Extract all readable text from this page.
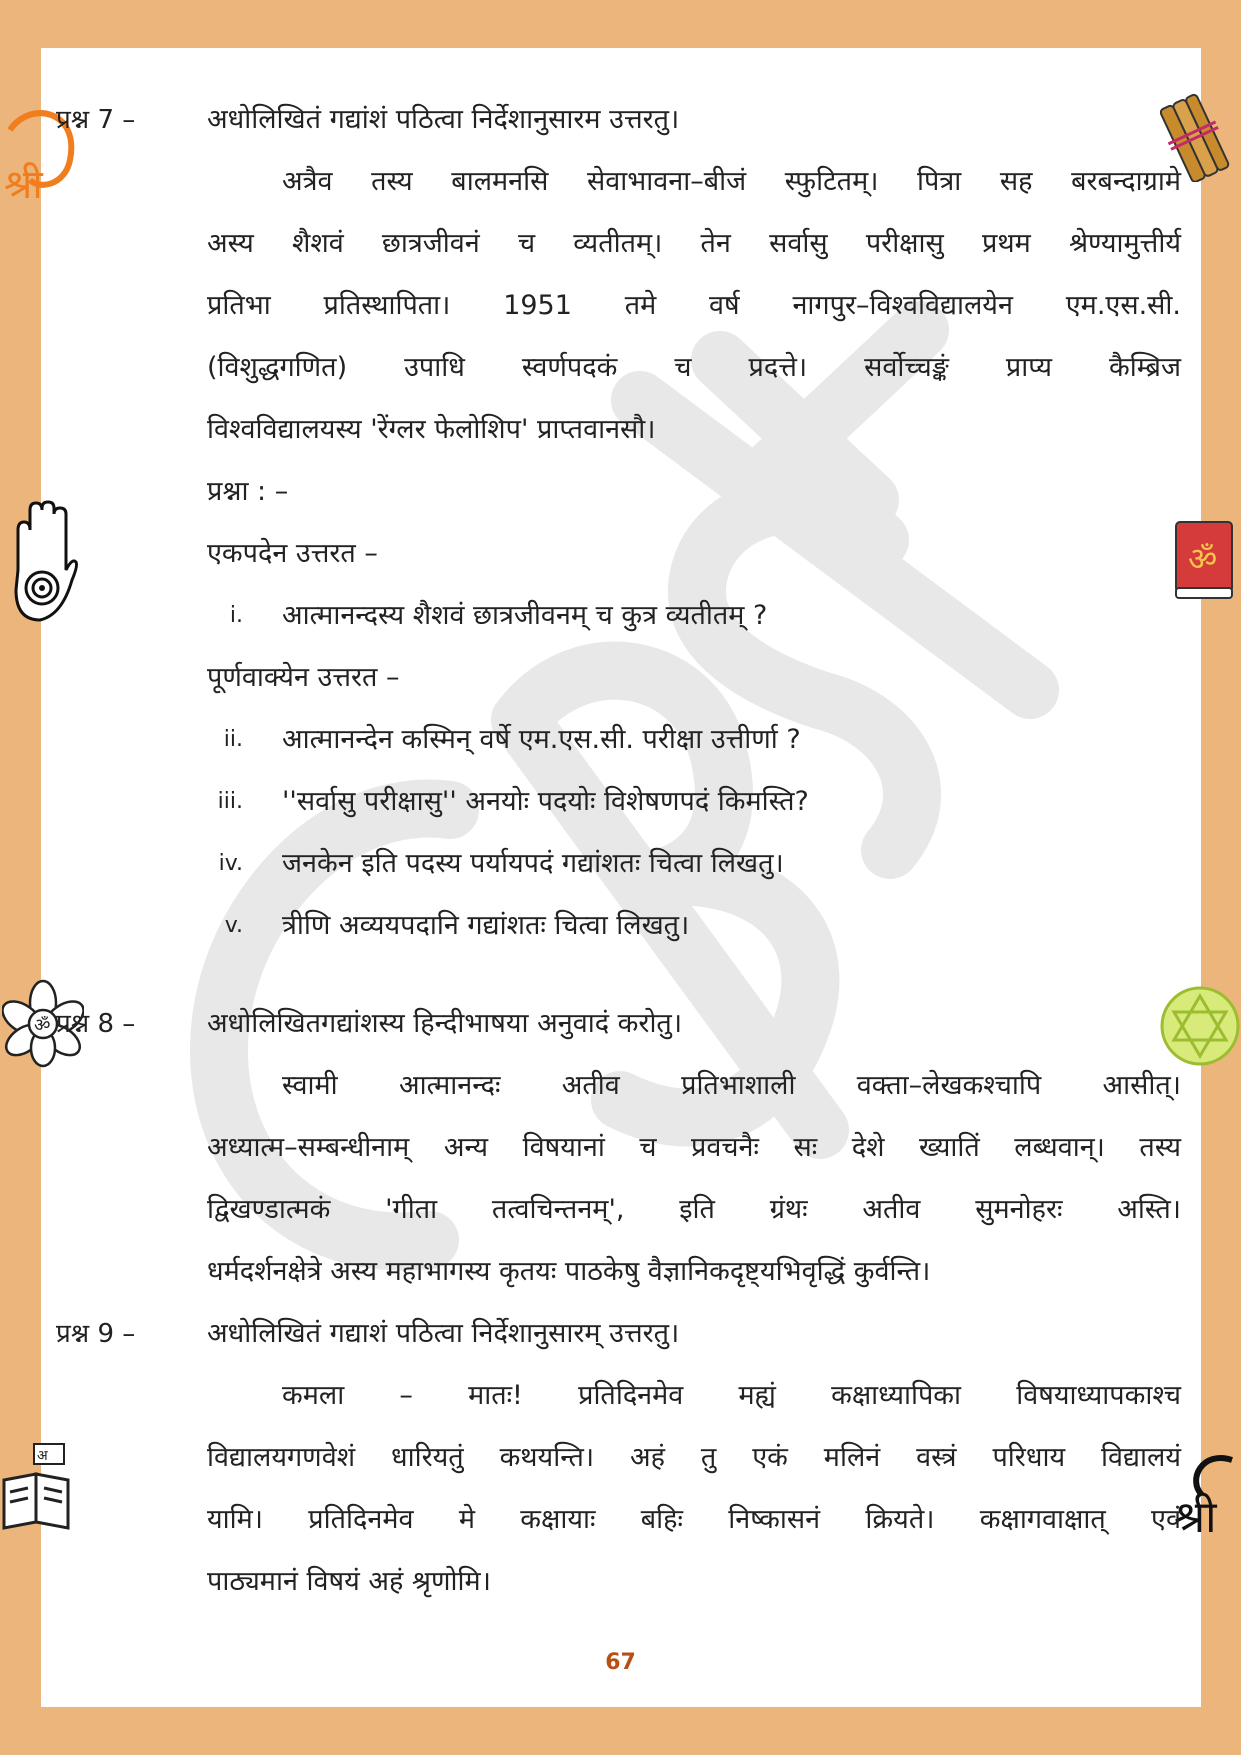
श्री
ॐ
अ
ॐ
श्री
प्रश्न 7 –	अधोलिखितं गद्यांशं पठित्वा निर्देशानुसारम उत्तरतु।
अत्रैव तस्य बालमनसि सेवाभावना–बीजं स्फुटितम्। पित्रा सह बरबन्दाग्रामे
अस्य शैशवं छात्रजीवनं च व्यतीतम्। तेन सर्वासु परीक्षासु प्रथम श्रेण्यामुत्तीर्य
प्रतिभा प्रतिस्थापिता। 1951 तमे वर्ष नागपुर–विश्वविद्यालयेन एम.एस.सी.
(विशुद्धगणित) उपाधि स्वर्णपदकं च प्रदत्ते। सर्वोच्चङ्कं प्राप्य कैम्ब्रिज
विश्वविद्यालयस्य 'रेंग्लर फेलोशिप' प्राप्तवानसौ।
प्रश्ना : –
एकपदेन उत्तरत –
i. आत्मानन्दस्य शैशवं छात्रजीवनम् च कुत्र व्यतीतम् ?
पूर्णवाक्येन उत्तरत –
ii. आत्मानन्देन कस्मिन् वर्षे एम.एस.सी. परीक्षा उत्तीर्णा ?
iii. ''सर्वासु परीक्षासु'' अनयोः पदयोः विशेषणपदं किमस्ति?
iv. जनकेन इति पदस्य पर्यायपदं गद्यांशतः चित्वा लिखतु।
v. त्रीणि अव्ययपदानि गद्यांशतः चित्वा लिखतु।
प्रश्न 8 –	अधोलिखितगद्यांशस्य हिन्दीभाषया अनुवादं करोतु।
स्वामी आत्मानन्दः अतीव प्रतिभाशाली वक्ता–लेखकश्चापि आसीत्।
अध्यात्म–सम्बन्धीनाम् अन्य विषयानां च प्रवचनैः सः देशे ख्यातिं लब्धवान्। तस्य
द्विखण्डात्मकं 'गीता तत्वचिन्तनम्', इति ग्रंथः अतीव सुमनोहरः अस्ति।
धर्मदर्शनक्षेत्रे अस्य महाभागस्य कृतयः पाठकेषु वैज्ञानिकदृष्ट्यभिवृद्धिं कुर्वन्ति।
प्रश्न 9 –	अधोलिखितं गद्याशं पठित्वा निर्देशानुसारम् उत्तरतु।
कमला – मातः! प्रतिदिनमेव मह्यं कक्षाध्यापिका विषयाध्यापकाश्च
विद्यालयगणवेशं धारियतुं कथयन्ति। अहं तु एकं मलिनं वस्त्रं परिधाय विद्यालयं
यामि। प्रतिदिनमेव मे कक्षायाः बहिः निष्कासनं क्रियते। कक्षागवाक्षात् एवं
पाठ्यमानं विषयं अहं श्रृणोमि।
67
